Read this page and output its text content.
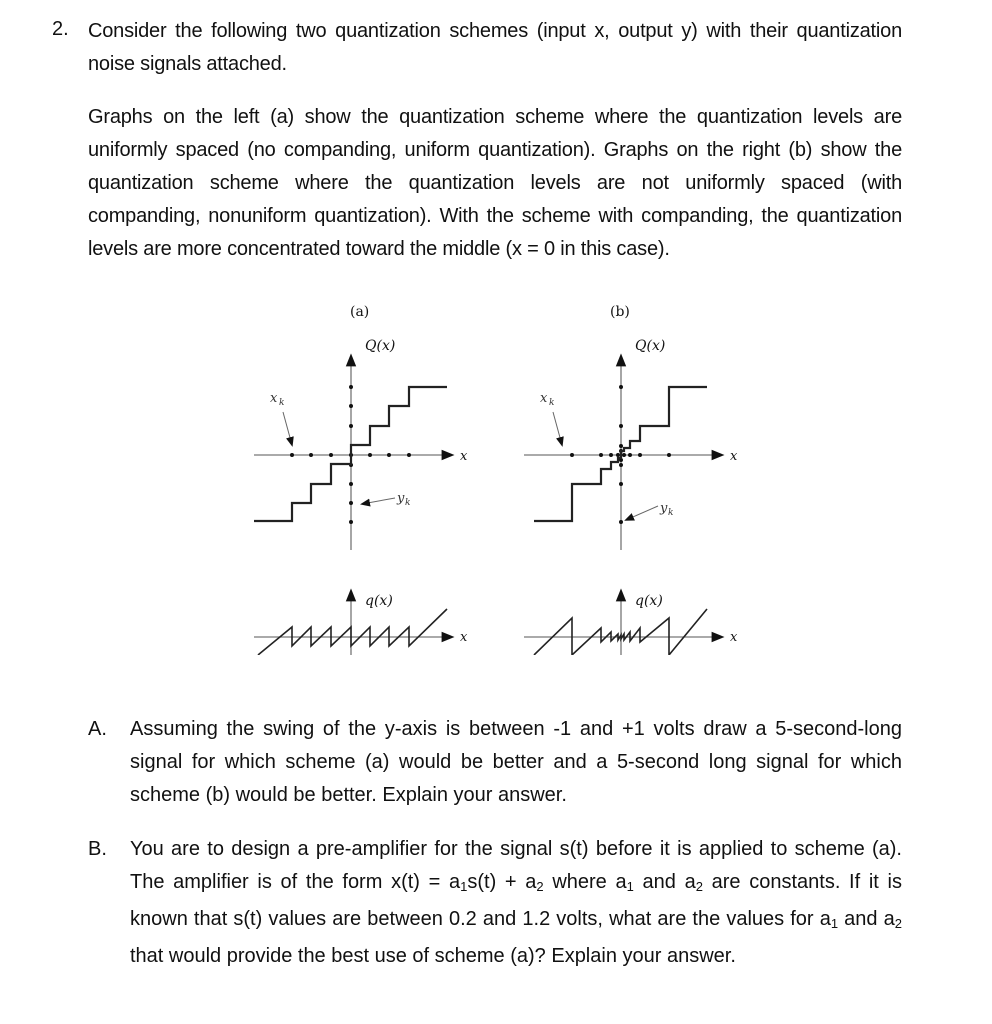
2. Consider the following two quantization schemes (input x, output y) with their quantization noise signals attached.
Graphs on the left (a) show the quantization scheme where the quantization levels are uniformly spaced (no companding, uniform quantization). Graphs on the right (b) show the quantization scheme where the quantization levels are not uniformly spaced (with companding, nonuniform quantization). With the scheme with companding, the quantization levels are more concentrated toward the middle (x = 0 in this case).
(a)
Q(x)
x
x k
y k
(b)
Q(x)
x
x k
y k
q(x)
x
q(x)
x
A. Assuming the swing of the y-axis is between -1 and +1 volts draw a 5-second-long signal for which scheme (a) would be better and a 5-second long signal for which scheme (b) would be better. Explain your answer.
B. You are to design a pre-amplifier for the signal s(t) before it is applied to scheme (a). The amplifier is of the form $x(t) = a_1s(t) + a_2$ where $a_1$ and $a_2$ are constants. If it is known that s(t) values are between 0.2 and 1.2 volts, what are the values for $a_1$ and $a_2$ that would provide the best use of scheme (a)? Explain your answer.
